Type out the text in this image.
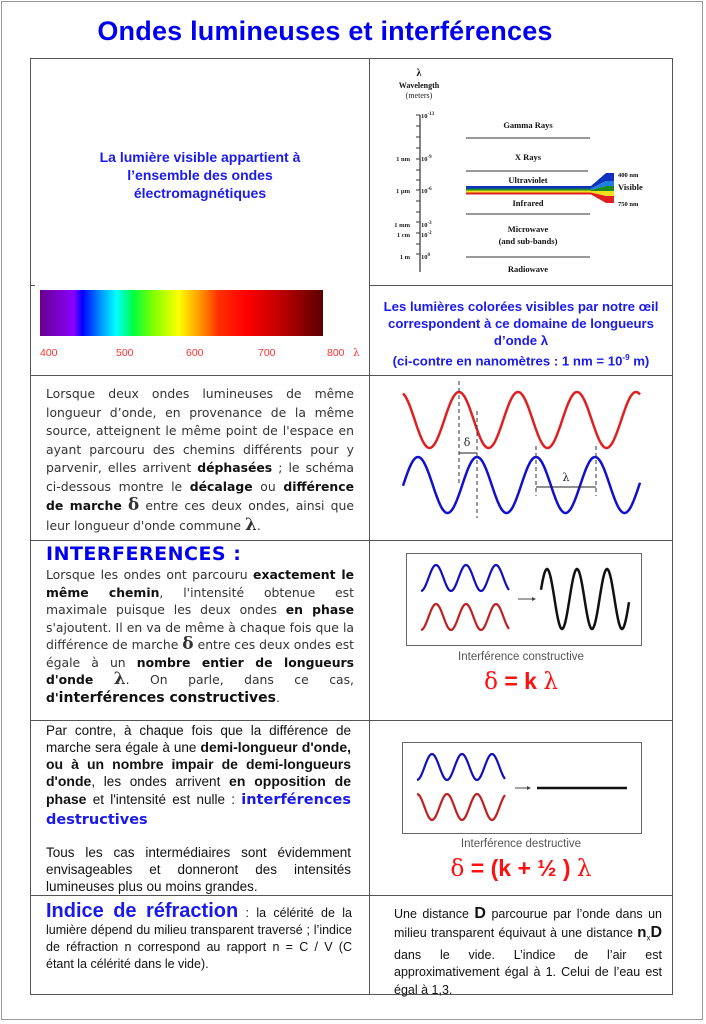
Ondes lumineuses et interférences
La lumière visible appartient à
l’ensemble des ondes
électromagnétiques
400	500	600	700	800 λ
λ
Wavelength
(meters)
$10^{-13}$
1 nm $10^{-9}$
1 µm $10^{-6}$
1 mm $10^{-3}$
1 cm $10^{-2}$
1 m $10^0$
Gamma Rays
X Rays
Ultraviolet
Infrared
Microwave
(and sub-bands)
Radiowave
400 nm
Visible
750 nm
Les lumières colorées visibles par notre œil
correspondent à ce domaine de longueurs
d’onde λ
(ci-contre en nanomètres : 1 nm = $10^{-9}$ m)
Lorsque deux ondes lumineuses de même longueur d’onde, en provenance de la même source, atteignent le même point de l'espace en ayant parcouru des chemins différents pour y parvenir, elles arrivent déphasées ; le schéma ci-dessous montre le décalage ou différence de marche δ entre ces deux ondes, ainsi que leur longueur d'onde commune λ.
δ
λ
INTERFERENCES :
Lorsque les ondes ont parcouru exactement le même chemin, l'intensité obtenue est maximale puisque les deux ondes en phase s'ajoutent. Il en va de même à chaque fois que la différence de marche δ entre ces deux ondes est égale à un nombre entier de longueurs d'onde λ. On parle, dans ce cas, d'interférences constructives.
Interférence constructive
δ = k λ
Par contre, à chaque fois que la différence de marche sera égale à une demi-longueur d'onde, ou à un nombre impair de demi-longueurs d'onde, les ondes arrivent en opposition de phase et l'intensité est nulle : interférences destructives
Tous les cas intermédiaires sont évidemment envisageables et donneront des intensités lumineuses plus ou moins grandes.
Interférence destructive
δ = (k + ½ ) λ
Indice de réfraction : la célérité de la lumière dépend du milieu transparent traversé ; l’indice de réfraction n correspond au rapport n = C / V (C étant la célérité dans le vide).
Une distance D parcourue par l’onde dans un milieu transparent équivaut à une distance $n_xD$ dans le vide. L’indice de l’air est approximativement égal à 1. Celui de l’eau est égal à 1,3.
